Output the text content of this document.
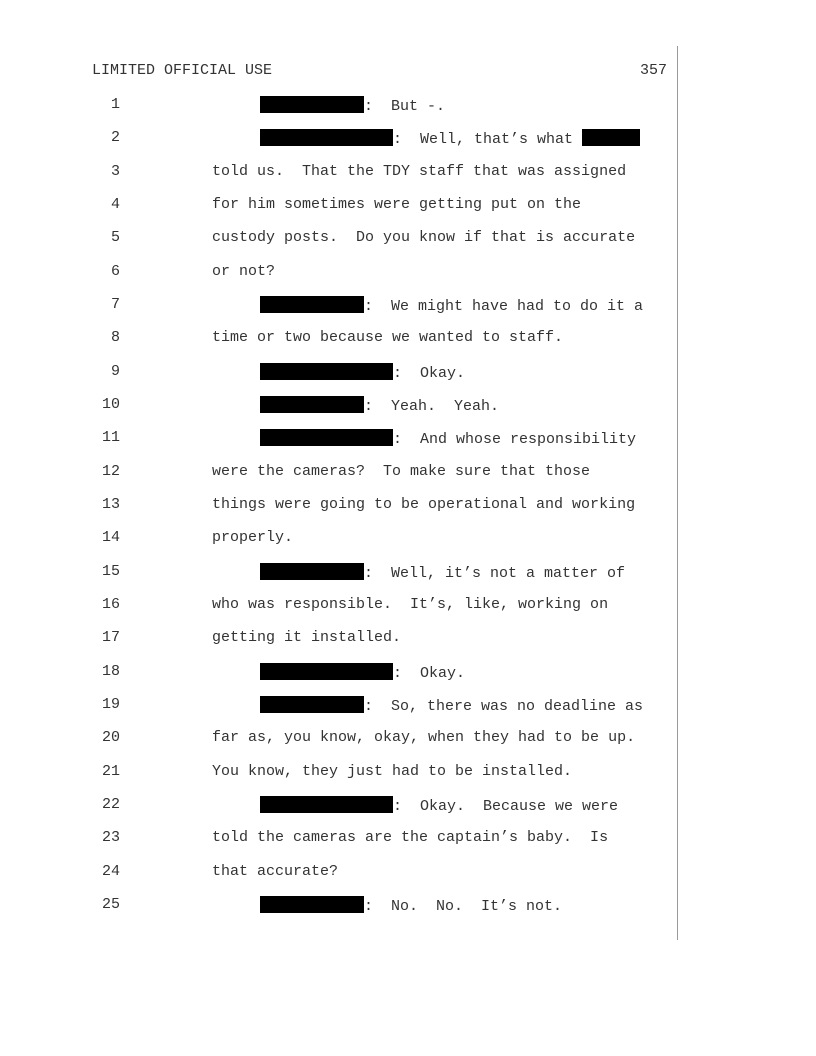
LIMITED OFFICIAL USE	357
1	:  But -.
2	:  Well, that’s what
3	told us.  That the TDY staff that was assigned
4	for him sometimes were getting put on the
5	custody posts.  Do you know if that is accurate
6	or not?
7	:  We might have had to do it a
8	time or two because we wanted to staff.
9	:  Okay.
10	:  Yeah.  Yeah.
11	:  And whose responsibility
12	were the cameras?  To make sure that those
13	things were going to be operational and working
14	properly.
15	:  Well, it’s not a matter of
16	who was responsible.  It’s, like, working on
17	getting it installed.
18	:  Okay.
19	:  So, there was no deadline as
20	far as, you know, okay, when they had to be up.
21	You know, they just had to be installed.
22	:  Okay.  Because we were
23	told the cameras are the captain’s baby.  Is
24	that accurate?
25	:  No.  No.  It’s not.
